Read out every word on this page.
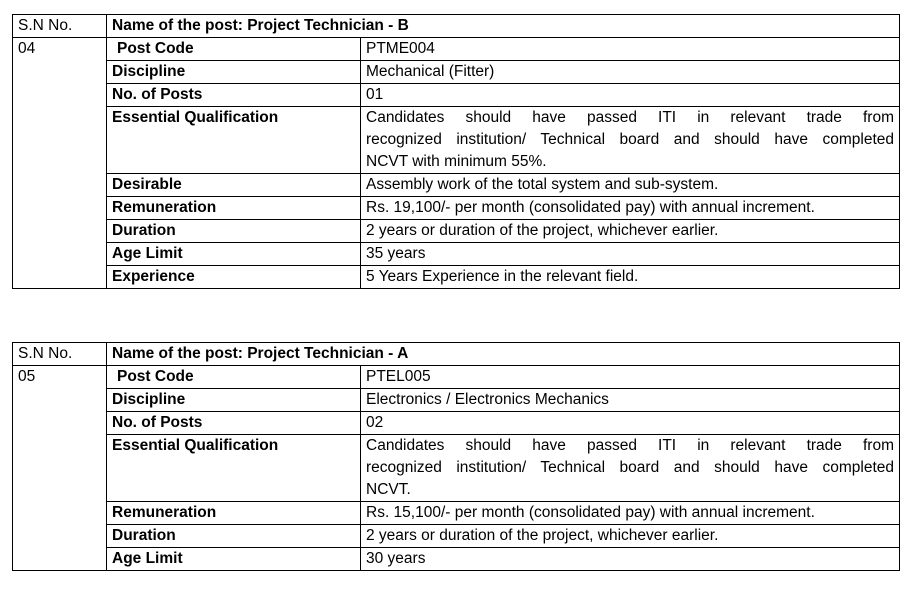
S.N No.	Name of the post: Project Technician - B	
04	Post Code	PTME004
	Discipline	Mechanical (Fitter)
	No. of Posts	01
	Essential Qualification	Candidates should have passed ITI in relevant trade from
recognized institution/ Technical board and should have completed
NCVT with minimum 55%.

	Desirable	Assembly work of the total system and sub-system.
	Remuneration	Rs. 19,100/- per month (consolidated pay) with annual increment.
	Duration	2 years or duration of the project, whichever earlier.
	Age Limit	35 years
	Experience	5 Years Experience in the relevant field.
S.N No.	Name of the post: Project Technician - A	
05	Post Code	PTEL005
	Discipline	Electronics / Electronics Mechanics
	No. of Posts	02
	Essential Qualification	Candidates should have passed ITI in relevant trade from
recognized institution/ Technical board and should have completed
NCVT.

	Remuneration	Rs. 15,100/- per month (consolidated pay) with annual increment.
	Duration	2 years or duration of the project, whichever earlier.
	Age Limit	30 years
